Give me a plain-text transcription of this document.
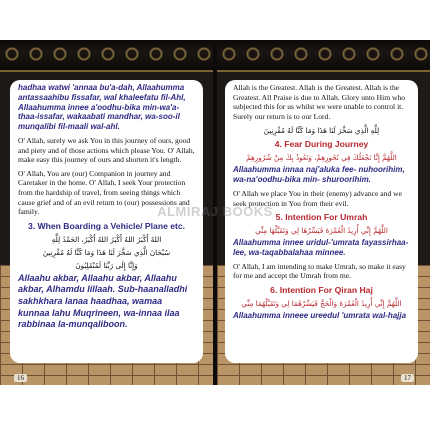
hadhaa watwi 'annaa bu'a-dah, Allaahumma antassaahibu fissafar, wal khaleefatu fil-Ahl, Allaahumma innee a'oodhu-bika min-wa'a-thaa-issafar, wakaabati mandhar, wa-soo-il munqalibi fil-maali wal-ahl.

O' Allah, surely we ask You in this journey of ours, good and piety and of those actions which please You. O' Allah, make easy this journey of ours and shorten it's length.

O' Allah, You are (our) Companion in journey and Caretaker in the home. O' Allah, I seek Your protection from the hardship of travel, from seeing things which cause grief and of an evil return to (our) possessions and family.

3. When Boarding a Vehicle/ Plane etc.
اللهُ أَكْبَرُ اللهُ أَكْبَرُ اللهُ أَكْبَرُ، الحَمْدُ لِلَّهِ
سُبْحَانَ الَّذِي سَخَّرَ لَنَا هَذَا وَمَا كُنَّا لَهُ مُقْرِنِينَ
وَإِنَّا إِلَى رَبِّنَا لَمُنْقَلِبُونَ

Allaahu akbar, Allaahu akbar, Allaahu akbar, Alhamdu lillaah. Sub-haanalladhi sakhkhara lanaa haadhaa, wamaa kunnaa lahu Muqrineen, wa-innaa ilaa rabbinaa la-munqaliboon.

16

Allah is the Greatest. Allah is the Greatest. Allah is the Greatest. All Praise is due to Allah. Glory unto Him who subjected this for us whilst we were unable to control it. Surely our return is to our Lord.

لِلَّهِ الَّذِي سَخَّرَ لَنَا هَذَا وَمَا كُنَّا لَهُ مُقْرِنِينَ
4. Fear During Journey
اللَّهُمَّ إِنَّا نَجْعَلُكَ فِي نُحُورِهِمْ، وَنَعُوذُ بِكَ مِنْ شُرُورِهِمْ

Allaahumma innaa naj'aluka fee- nuhoorihim, wa-na'oodhu-bika min- shuroorihim.

O' Allah we place You in their (enemy) advance and we seek protection in You from their evil.

5. Intention For Umrah
اللَّهُمَّ إِنِّي أُرِيدُ الْعُمْرَةَ فَيَسِّرْهَا لِي وَتَقَبَّلْهَا مِنِّي

Allaahumma innee uridul-'umrata fayassirhaa-lee, wa-taqabbalahaa minnee.

O' Allah, I am intending to make Umrah, so make it easy for me and accept the Umrah from me.

6. Intention For Qiran Haj
اللَّهُمَّ إِنِّي أُرِيدُ الْعُمْرَةَ وَالْحَجَّ فَيَسِّرْهُمَا لِي وَتَقَبَّلْهُمَا مِنِّي

Allaahumma inneee ureedul 'umrata wal-hajja

17
ALMIRAJ BOOKS
